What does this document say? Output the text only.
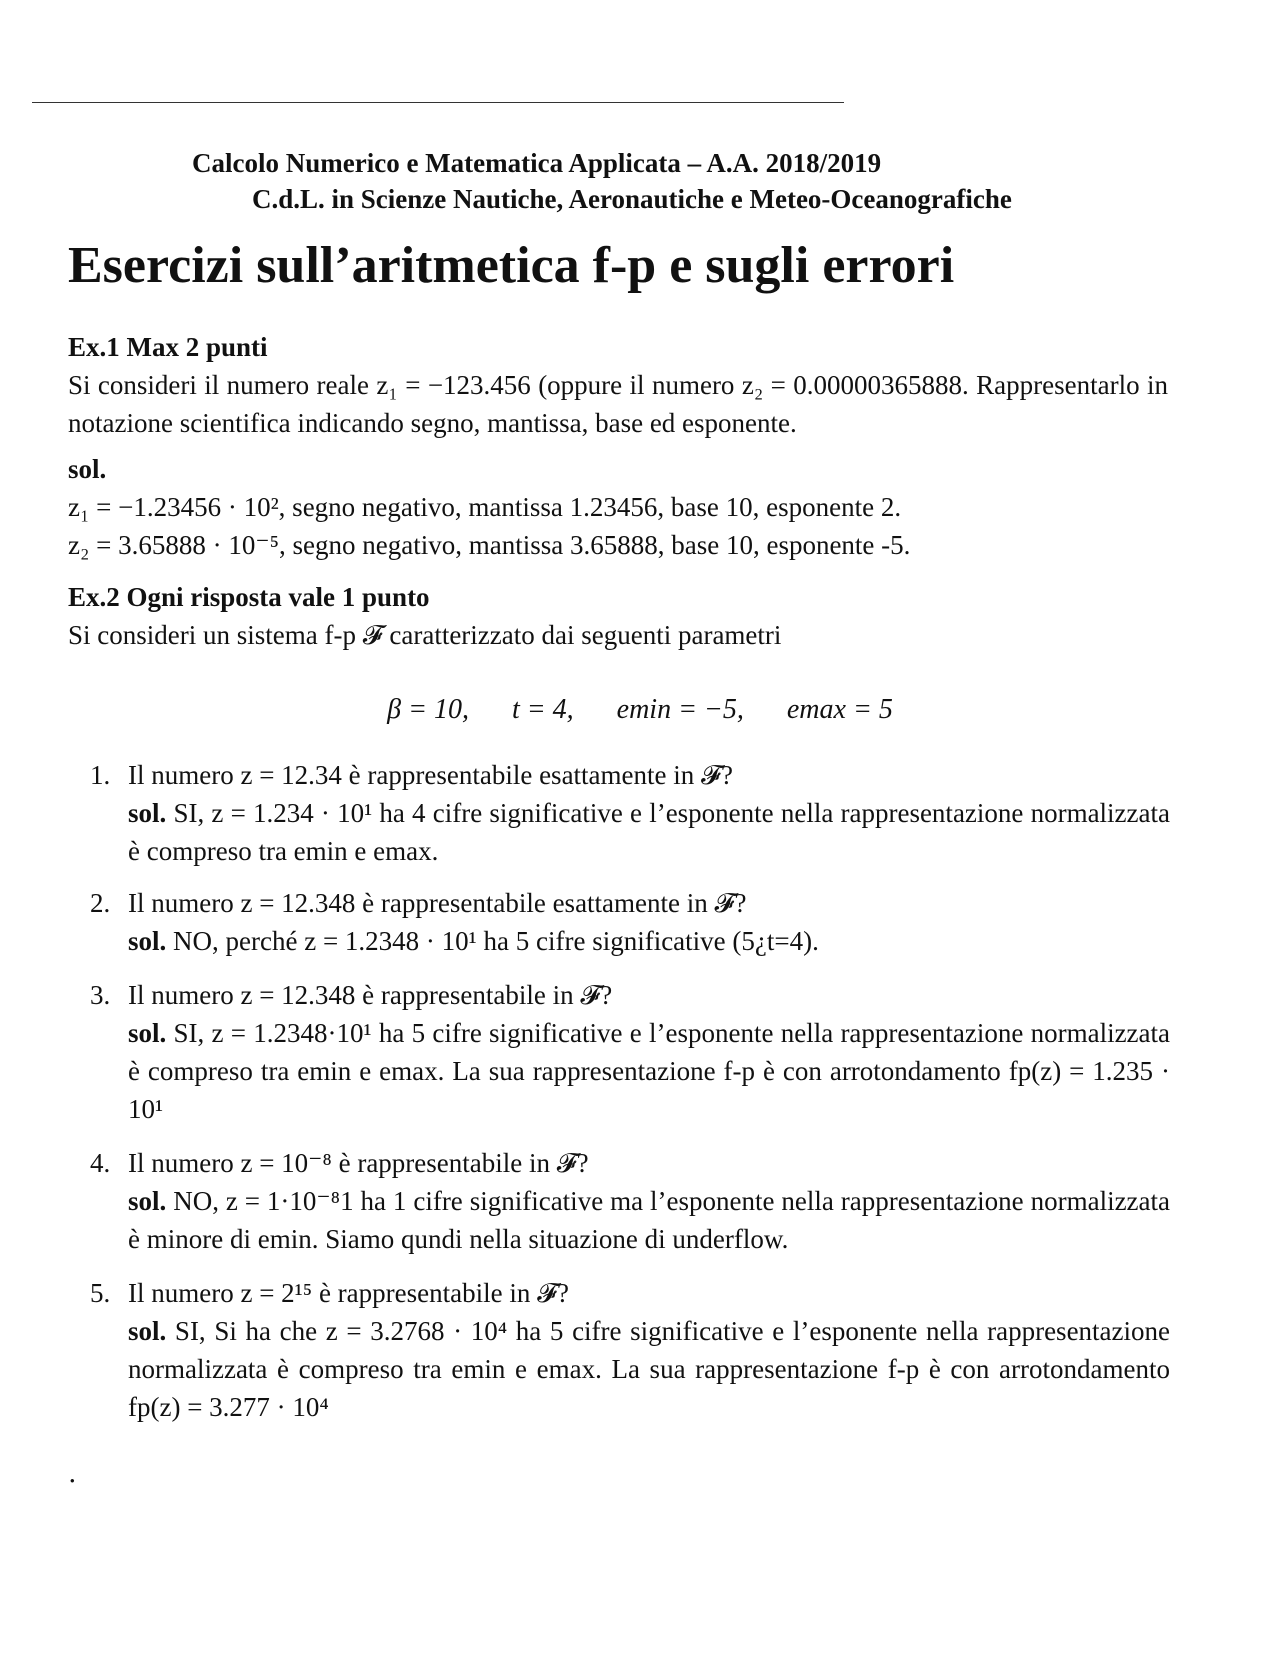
Calcolo Numerico e Matematica Applicata – A.A. 2018/2019
C.d.L. in Scienze Nautiche, Aeronautiche e Meteo-Oceanografiche
Esercizi sull’aritmetica f-p e sugli errori
Ex.1 Max 2 punti
Si consideri il numero reale z₁ = −123.456 (oppure il numero z₂ = 0.00000365888. Rappresentarlo in notazione scientifica indicando segno, mantissa, base ed esponente.
sol.
z₁ = −1.23456 · 10², segno negativo, mantissa 1.23456, base 10, esponente 2.
z₂ = 3.65888 · 10⁻⁵, segno negativo, mantissa 3.65888, base 10, esponente -5.
Ex.2 Ogni risposta vale 1 punto
Si consideri un sistema f-p 𝓕 caratterizzato dai seguenti parametri
β = 10, t = 4, emin = −5, emax = 5
1. Il numero z = 12.34 è rappresentabile esattamente in 𝓕?
sol. SI, z = 1.234 · 10¹ ha 4 cifre significative e l’esponente nella rappresentazione normalizzata è compreso tra emin e emax.
2. Il numero z = 12.348 è rappresentabile esattamente in 𝓕?
sol. NO, perché z = 1.2348 · 10¹ ha 5 cifre significative (5¿t=4).
3. Il numero z = 12.348 è rappresentabile in 𝓕?
sol. SI, z = 1.2348·10¹ ha 5 cifre significative e l’esponente nella rappresentazione normalizzata è compreso tra emin e emax. La sua rappresentazione f-p è con arrotondamento fp(z) = 1.235 · 10¹
4. Il numero z = 10⁻⁸ è rappresentabile in 𝓕?
sol. NO, z = 1·10⁻⁸1 ha 1 cifre significative ma l’esponente nella rappresentazione normalizzata è minore di emin. Siamo qundi nella situazione di underflow.
5. Il numero z = 2¹⁵ è rappresentabile in 𝓕?
sol. SI, Si ha che z = 3.2768 · 10⁴ ha 5 cifre significative e l’esponente nella rappresentazione normalizzata è compreso tra emin e emax. La sua rappresentazione f-p è con arrotondamento fp(z) = 3.277 · 10⁴
.
